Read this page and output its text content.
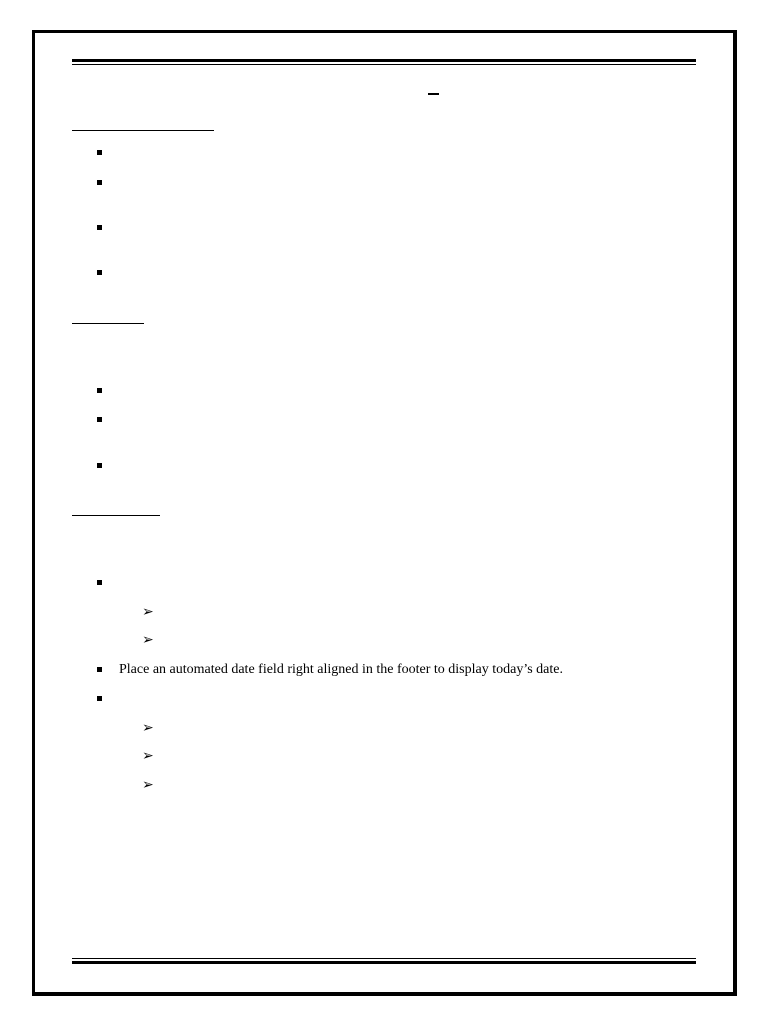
➢
➢
Place an automated date field right aligned in the footer to display today’s date.
➢
➢
➢
